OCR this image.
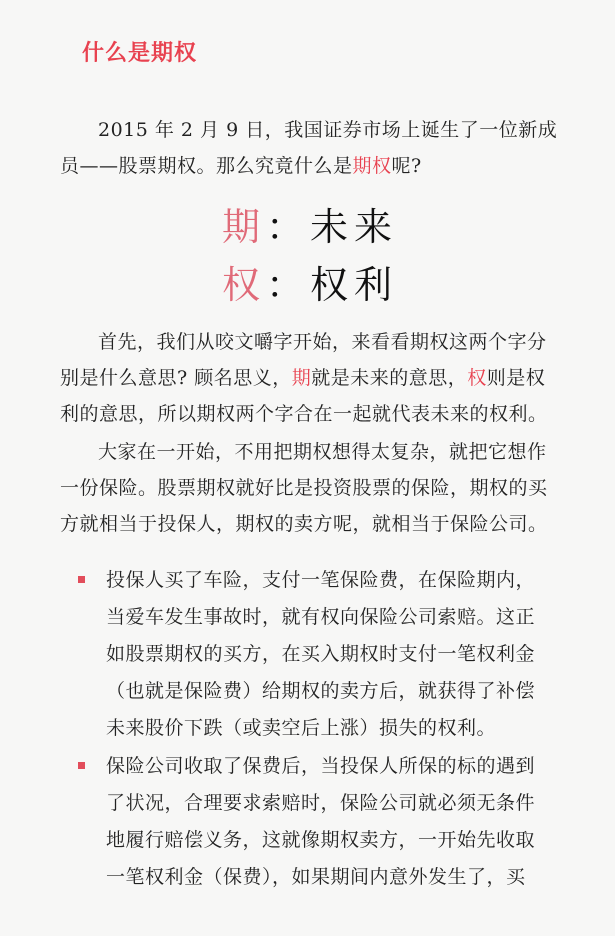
什么是期权
2015 年 2 月 9 日，我国证券市场上诞生了一位新成
员——股票期权。那么究竟什么是期权呢?
期：未来
权：权利
首先，我们从咬文嚼字开始，来看看期权这两个字分
别是什么意思? 顾名思义，期就是未来的意思，权则是权
利的意思，所以期权两个字合在一起就代表未来的权利。
大家在一开始，不用把期权想得太复杂，就把它想作
一份保险。股票期权就好比是投资股票的保险，期权的买
方就相当于投保人，期权的卖方呢，就相当于保险公司。
投保人买了车险，支付一笔保险费，在保险期内，
当爱车发生事故时，就有权向保险公司索赔。这正
如股票期权的买方，在买入期权时支付一笔权利金
（也就是保险费）给期权的卖方后，就获得了补偿
未来股价下跌（或卖空后上涨）损失的权利。
保险公司收取了保费后，当投保人所保的标的遇到
了状况，合理要求索赔时，保险公司就必须无条件
地履行赔偿义务，这就像期权卖方，一开始先收取
一笔权利金（保费），如果期间内意外发生了，买
